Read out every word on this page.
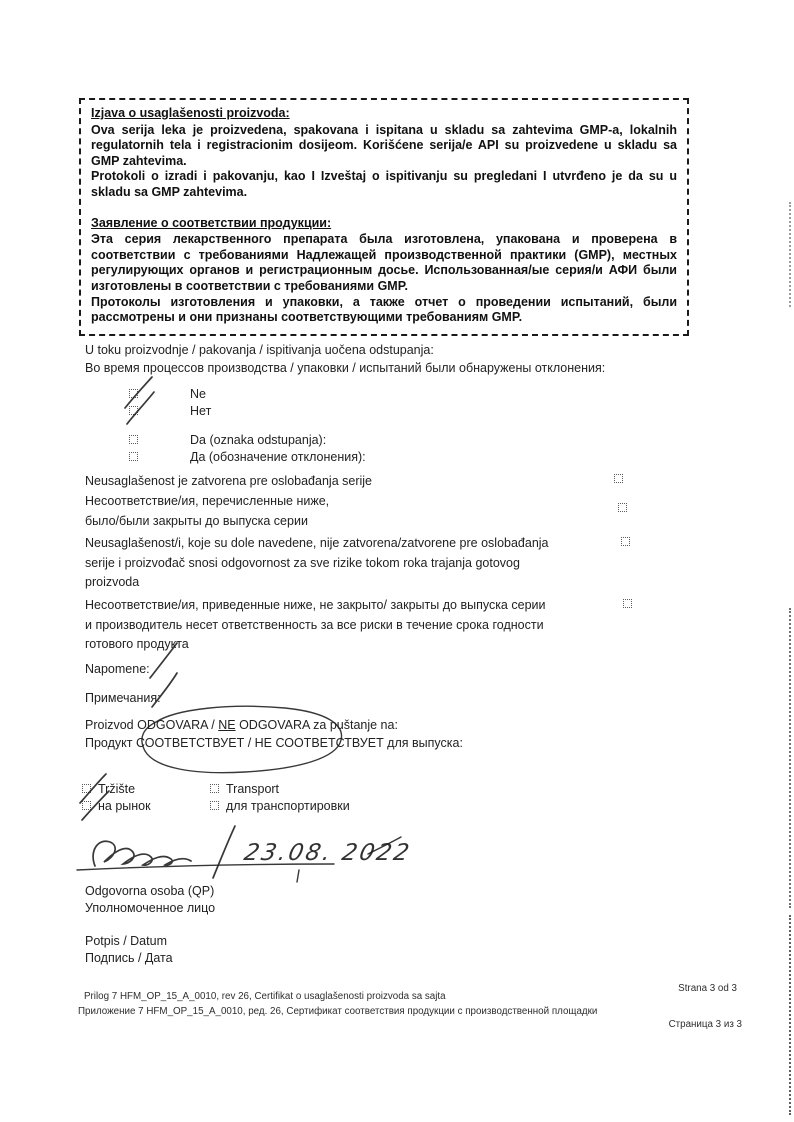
Izjava o usaglašenosti proizvoda:
Ova serija leka je proizvedena, spakovana i ispitana u skladu sa zahtevima GMP-a, lokalnih regulatornih tela i registracionim dosijeom. Korišćene serija/e API su proizvedene u skladu sa GMP zahtevima.
Protokoli o izradi i pakovanju, kao I Izveštaj o ispitivanju su pregledani I utvrđeno je da su u skladu sa GMP zahtevima.
Заявление о соответствии продукции:
Эта серия лекарственного препарата была изготовлена, упакована и проверена в соответствии с требованиями Надлежащей производственной практики (GMP), местных регулирующих органов и регистрационным досье. Использованная/ые серия/и АФИ были изготовлены в соответствии с требованиями GMP.
Протоколы изготовления и упаковки, а также отчет о проведении испытаний, были рассмотрены и они признаны соответствующими требованиям GMP.
U toku proizvodnje / pakovanja / ispitivanja uočena odstupanja:
Во время процессов производства / упаковки / испытаний были обнаружены отклонения:
Ne
Нет
Da (oznaka odstupanja):
Да (обозначение отклонения):
Neusaglašenost je zatvorena pre oslobađanja serije
Несоответствие/ия, перечисленные ниже,
было/были закрыты до выпуска серии
Neusaglašenost/i, koje su dole navedene, nije zatvorena/zatvorene pre oslobađanja serije i proizvođač snosi odgovornost za sve rizike tokom roka trajanja gotovog proizvoda
Несоответствие/ия, приведенные ниже, не закрыто/ закрыты до выпуска серии и производитель несет ответственность за все риски в течение срока годности готового продукта
Napomene:
Примечания:
Proizvod ODGOVARA / NE ODGOVARA za puštanje na:
Продукт СООТВЕТСТВУЕТ / НЕ СООТВЕТСТВУЕТ для выпуска:
Tržište
на рынок
Transport
для транспортировки
Odgovorna osoba (QP)
Уполномоченное лицо
Potpis / Datum
Подпись / Дата
Prilog 7 HFM_OP_15_A_0010, rev 26, Certifikat o usaglašenosti proizvoda sa sajta
Приложение 7 HFM_OP_15_A_0010, ред. 26, Сертификат соответствия продукции с производственной площадки
Strana 3 od 3
Страница 3 из 3
23.08. 2022
